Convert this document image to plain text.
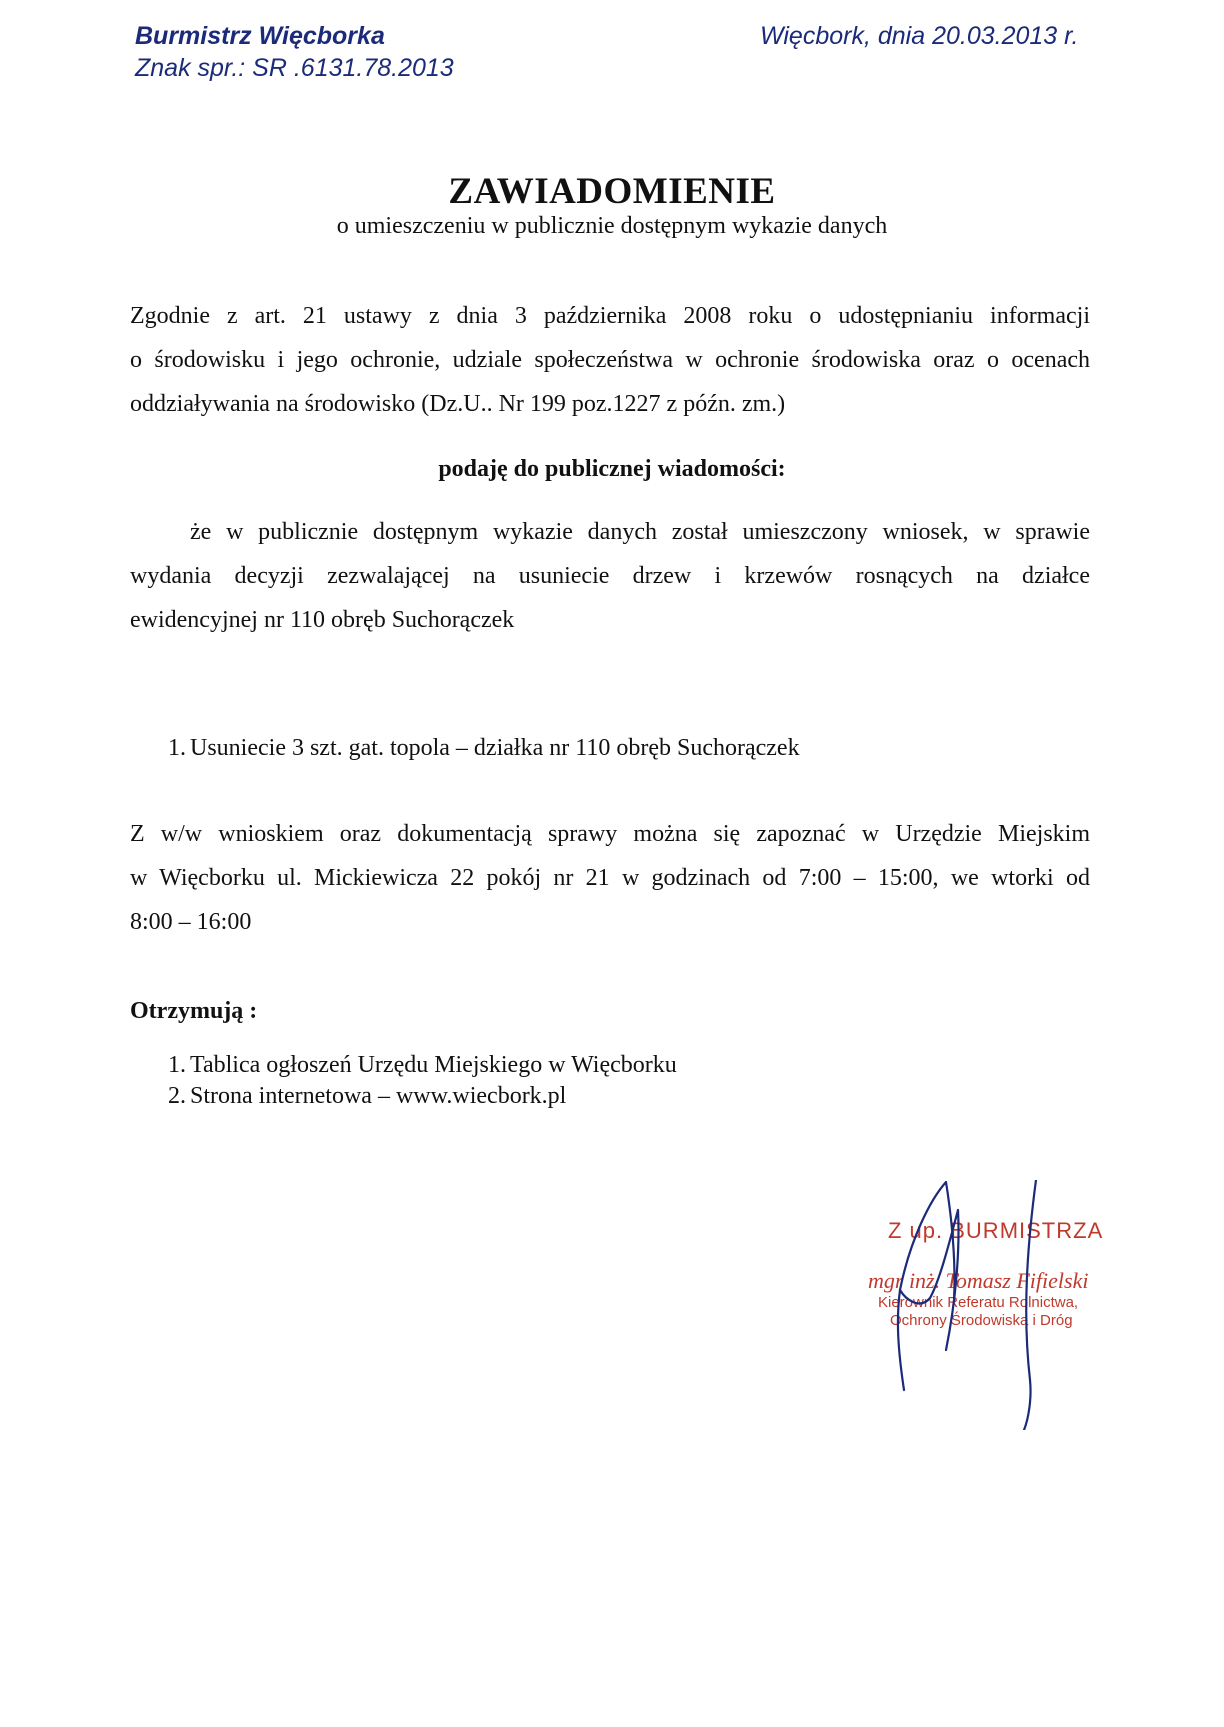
Burmistrz Więcborka
Znak spr.: SR .6131.78.2013
Więcbork, dnia 20.03.2013 r.
ZAWIADOMIENIE
o umieszczeniu w publicznie dostępnym wykazie danych
Zgodnie z art. 21 ustawy z dnia 3 października 2008 roku o udostępnianiu informacji
o środowisku i jego ochronie, udziale społeczeństwa w ochronie środowiska oraz o ocenach
oddziaływania na środowisko (Dz.U.. Nr 199 poz.1227 z późn. zm.)
podaję do publicznej wiadomości:
że w publicznie dostępnym wykazie danych został umieszczony wniosek, w sprawie
wydania decyzji zezwalającej na usuniecie drzew i krzewów rosnących na działce
ewidencyjnej nr 110 obręb Suchorączek
1. Usuniecie 3 szt. gat. topola – działka nr 110 obręb Suchorączek
Z w/w wnioskiem oraz dokumentacją sprawy można się zapoznać w Urzędzie Miejskim
w Więcborku ul. Mickiewicza 22 pokój nr 21 w godzinach od 7:00 – 15:00, we wtorki od
8:00 – 16:00
Otrzymują :
1. Tablica ogłoszeń Urzędu Miejskiego w Więcborku
2. Strona internetowa – www.wiecbork.pl
Z up. BURMISTRZA
mgr inż. Tomasz Fifielski
Kierownik Referatu Rolnictwa,
Ochrony Środowiska i Dróg
